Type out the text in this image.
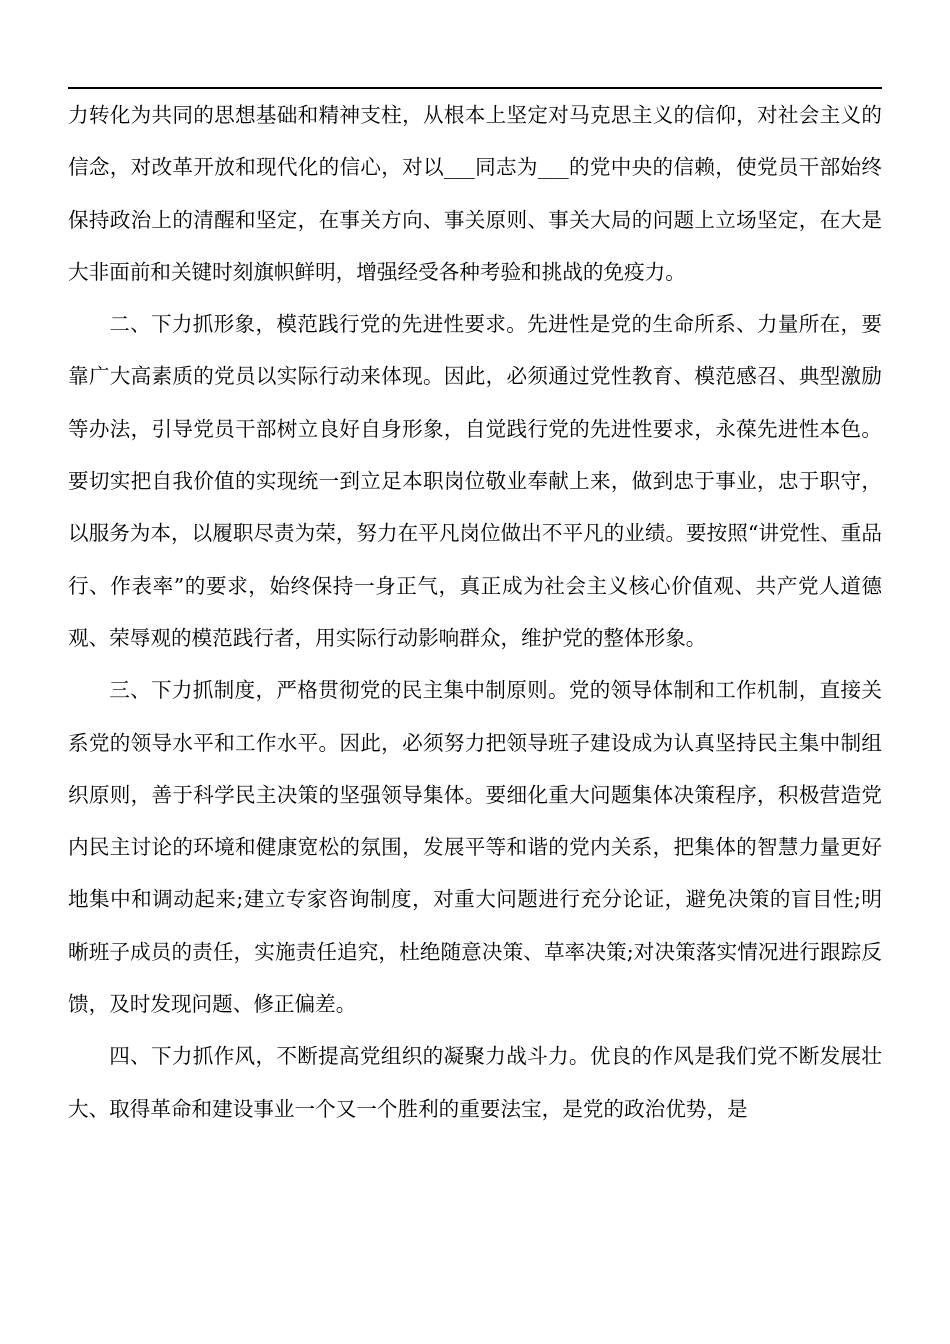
力转化为共同的思想基础和精神支柱，从根本上坚定对马克思主义的信仰，对社会主义的信念，对改革开放和现代化的信心，对以___同志为___的党中央的信赖，使党员干部始终保持政治上的清醒和坚定，在事关方向、事关原则、事关大局的问题上立场坚定，在大是大非面前和关键时刻旗帜鲜明，增强经受各种考验和挑战的免疫力。

二、下力抓形象，模范践行党的先进性要求。先进性是党的生命所系、力量所在，要靠广大高素质的党员以实际行动来体现。因此，必须通过党性教育、模范感召、典型激励等办法，引导党员干部树立良好自身形象，自觉践行党的先进性要求，永葆先进性本色。要切实把自我价值的实现统一到立足本职岗位敬业奉献上来，做到忠于事业，忠于职守，以服务为本，以履职尽责为荣，努力在平凡岗位做出不平凡的业绩。要按照“讲党性、重品行、作表率”的要求，始终保持一身正气，真正成为社会主义核心价值观、共产党人道德观、荣辱观的模范践行者，用实际行动影响群众，维护党的整体形象。

三、下力抓制度，严格贯彻党的民主集中制原则。党的领导体制和工作机制，直接关系党的领导水平和工作水平。因此，必须努力把领导班子建设成为认真坚持民主集中制组织原则，善于科学民主决策的坚强领导集体。要细化重大问题集体决策程序，积极营造党内民主讨论的环境和健康宽松的氛围，发展平等和谐的党内关系，把集体的智慧力量更好地集中和调动起来;建立专家咨询制度，对重大问题进行充分论证，避免决策的盲目性;明晰班子成员的责任，实施责任追究，杜绝随意决策、草率决策;对决策落实情况进行跟踪反馈，及时发现问题、修正偏差。

四、下力抓作风，不断提高党组织的凝聚力战斗力。优良的作风是我们党不断发展壮大、取得革命和建设事业一个又一个胜利的重要法宝，是党的政治优势，是
